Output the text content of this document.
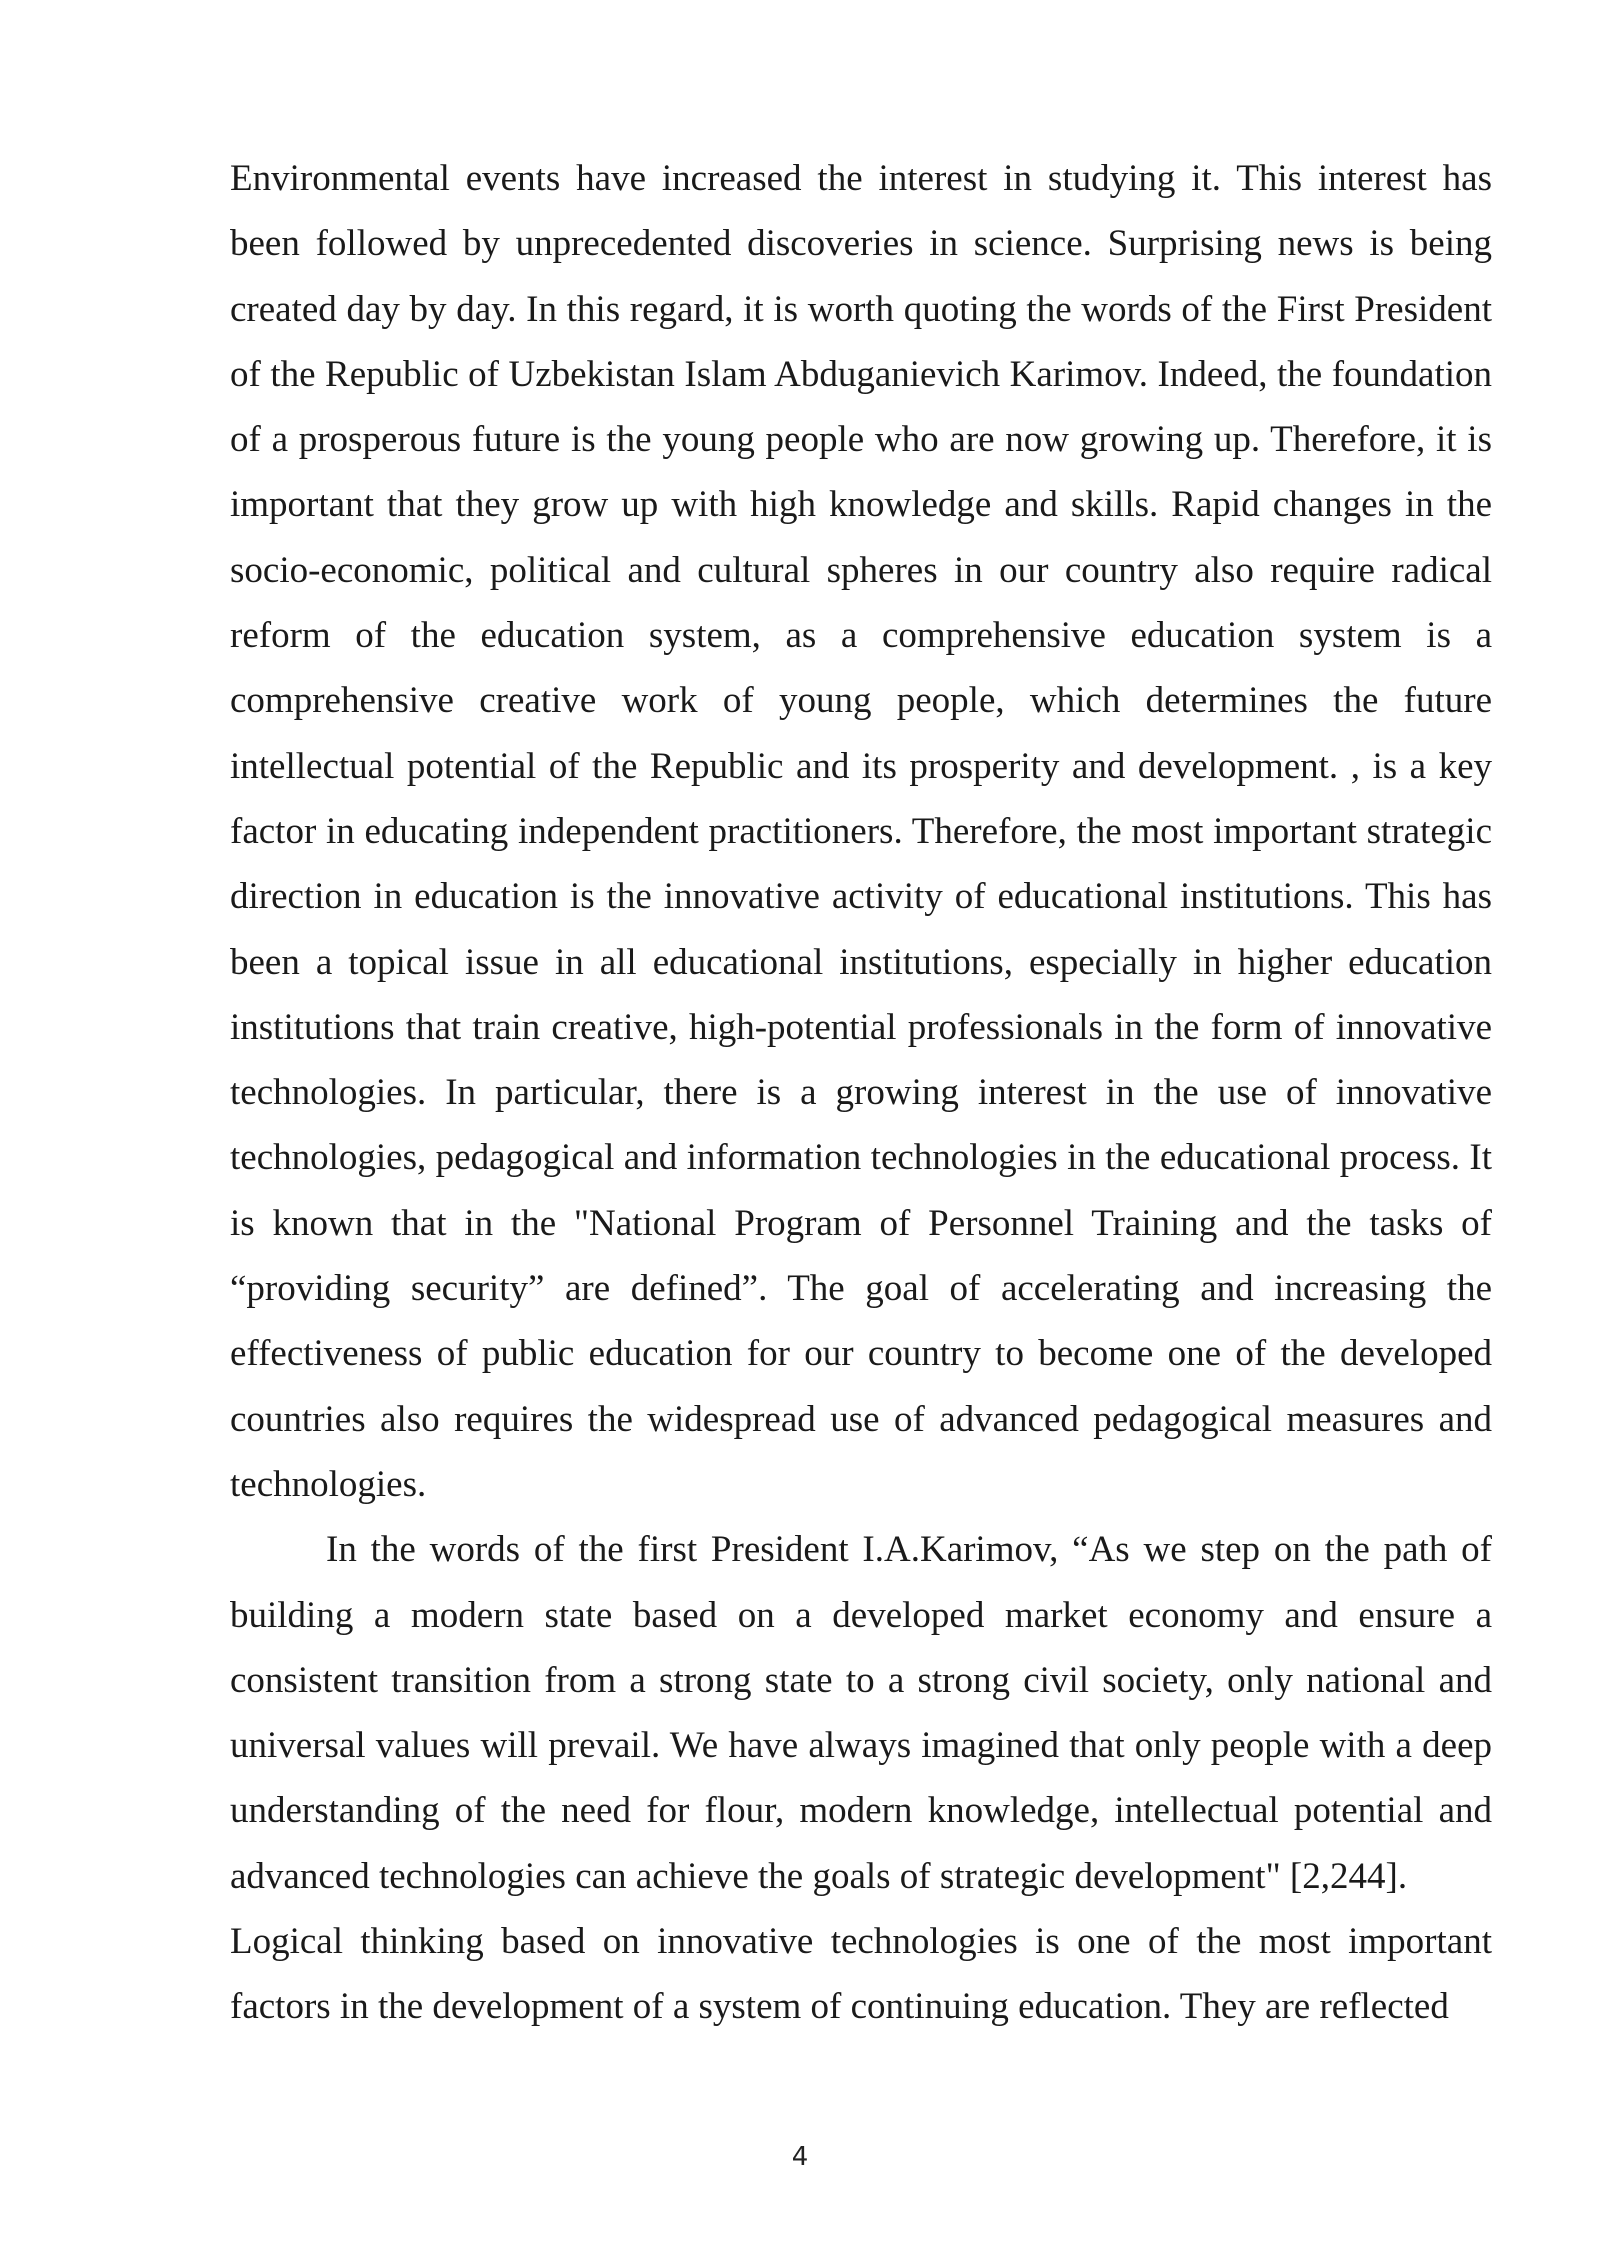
Environmental events have increased the interest in studying it. This interest has been followed by unprecedented discoveries in science. Surprising news is being created day by day. In this regard, it is worth quoting the words of the First President of the Republic of Uzbekistan Islam Abduganievich Karimov. Indeed, the foundation of a prosperous future is the young people who are now growing up. Therefore, it is important that they grow up with high knowledge and skills. Rapid changes in the socio-economic, political and cultural spheres in our country also require radical reform of the education system, as a comprehensive education system is a comprehensive creative work of young people, which determines the future intellectual potential of the Republic and its prosperity and development. , is a key factor in educating independent practitioners. Therefore, the most important strategic direction in education is the innovative activity of educational institutions. This has been a topical issue in all educational institutions, especially in higher education institutions that train creative, high-potential professionals in the form of innovative technologies. In particular, there is a growing interest in the use of innovative technologies, pedagogical and information technologies in the educational process. It is known that in the "National Program of Personnel Training and the tasks of “providing security” are defined”. The goal of accelerating and increasing the effectiveness of public education for our country to become one of the developed countries also requires the widespread use of advanced pedagogical measures and technologies.

In the words of the first President I.A.Karimov, “As we step on the path of building a modern state based on a developed market economy and ensure a consistent transition from a strong state to a strong civil society, only national and universal values will prevail. We have always imagined that only people with a deep understanding of the need for flour, modern knowledge, intellectual potential and advanced technologies can achieve the goals of strategic development" [2,244].

Logical thinking based on innovative technologies is one of the most important factors in the development of a system of continuing education. They are reflected

4
